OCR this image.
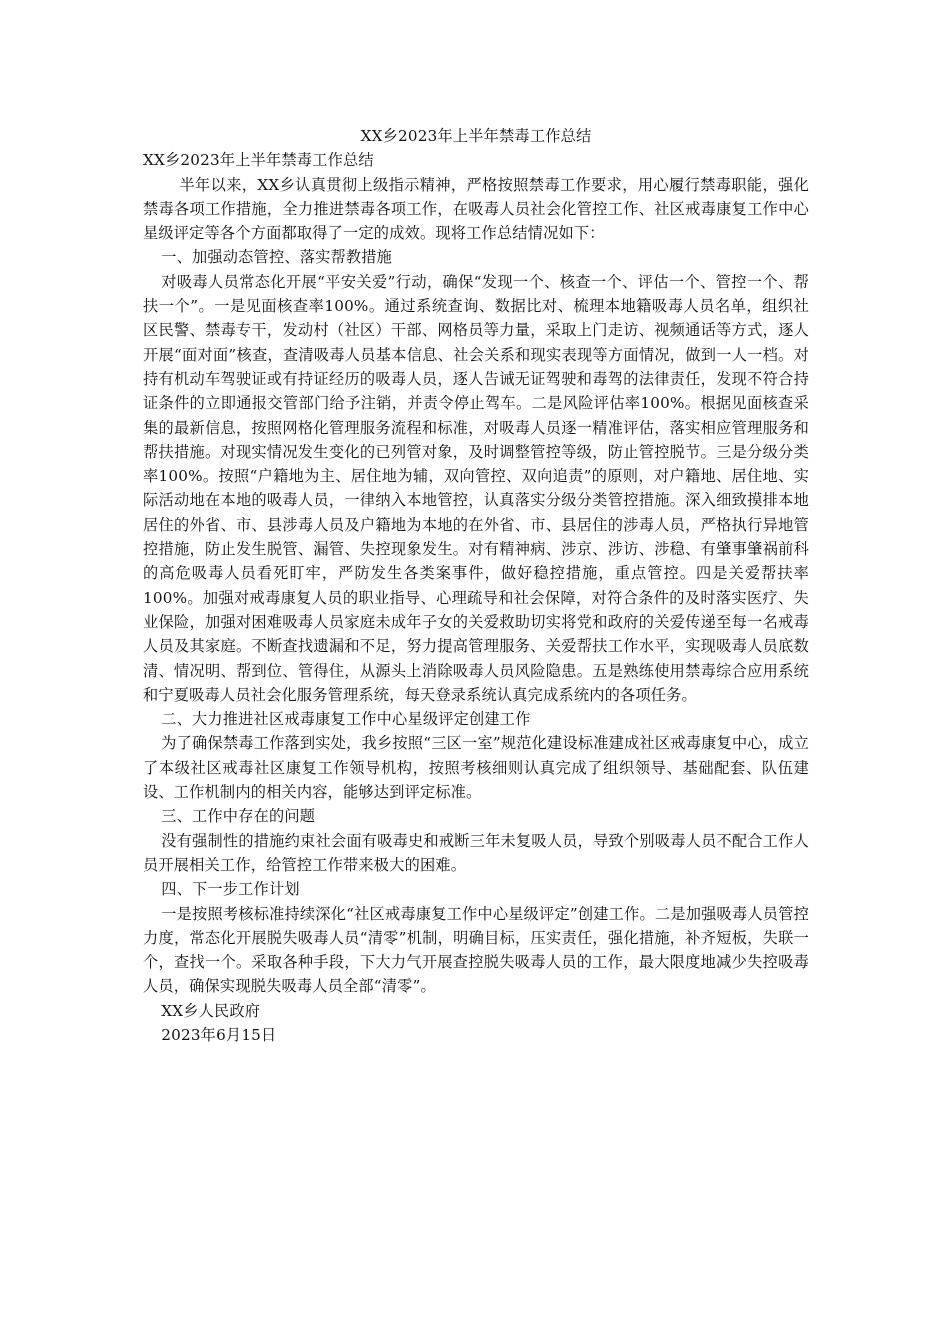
XX乡2023年上半年禁毒工作总结

XX乡2023年上半年禁毒工作总结

半年以来，XX乡认真贯彻上级指示精神，严格按照禁毒工作要求，用心履行禁毒职能，强化禁毒各项工作措施，全力推进禁毒各项工作，在吸毒人员社会化管控工作、社区戒毒康复工作中心星级评定等各个方面都取得了一定的成效。现将工作总结情况如下：

一、加强动态管控、落实帮教措施

对吸毒人员常态化开展“平安关爱”行动，确保“发现一个、核查一个、评估一个、管控一个、帮扶一个”。一是见面核查率100%。通过系统查询、数据比对、梳理本地籍吸毒人员名单，组织社区民警、禁毒专干，发动村（社区）干部、网格员等力量，采取上门走访、视频通话等方式，逐人开展“面对面”核查，查清吸毒人员基本信息、社会关系和现实表现等方面情况，做到一人一档。对持有机动车驾驶证或有持证经历的吸毒人员，逐人告诫无证驾驶和毒驾的法律责任，发现不符合持证条件的立即通报交管部门给予注销，并责令停止驾车。二是风险评估率100%。根据见面核查采集的最新信息，按照网格化管理服务流程和标准，对吸毒人员逐一精准评估，落实相应管理服务和帮扶措施。对现实情况发生变化的已列管对象，及时调整管控等级，防止管控脱节。三是分级分类率100%。按照“户籍地为主、居住地为辅，双向管控、双向追责”的原则，对户籍地、居住地、实际活动地在本地的吸毒人员，一律纳入本地管控，认真落实分级分类管控措施。深入细致摸排本地居住的外省、市、县涉毒人员及户籍地为本地的在外省、市、县居住的涉毒人员，严格执行异地管控措施，防止发生脱管、漏管、失控现象发生。对有精神病、涉京、涉访、涉稳、有肇事肇祸前科的高危吸毒人员看死盯牢，严防发生各类案事件，做好稳控措施，重点管控。四是关爱帮扶率100%。加强对戒毒康复人员的职业指导、心理疏导和社会保障，对符合条件的及时落实医疗、失业保险，加强对困难吸毒人员家庭未成年子女的关爱救助切实将党和政府的关爱传递至每一名戒毒人员及其家庭。不断查找遗漏和不足，努力提高管理服务、关爱帮扶工作水平，实现吸毒人员底数清、情况明、帮到位、管得住，从源头上消除吸毒人员风险隐患。五是熟练使用禁毒综合应用系统和宁夏吸毒人员社会化服务管理系统，每天登录系统认真完成系统内的各项任务。

二、大力推进社区戒毒康复工作中心星级评定创建工作

为了确保禁毒工作落到实处，我乡按照“三区一室”规范化建设标准建成社区戒毒康复中心，成立了本级社区戒毒社区康复工作领导机构，按照考核细则认真完成了组织领导、基础配套、队伍建设、工作机制内的相关内容，能够达到评定标准。

三、工作中存在的问题

没有强制性的措施约束社会面有吸毒史和戒断三年未复吸人员，导致个别吸毒人员不配合工作人员开展相关工作，给管控工作带来极大的困难。

四、下一步工作计划

一是按照考核标准持续深化“社区戒毒康复工作中心星级评定”创建工作。二是加强吸毒人员管控力度，常态化开展脱失吸毒人员“清零”机制，明确目标，压实责任，强化措施，补齐短板，失联一个，查找一个。采取各种手段，下大力气开展查控脱失吸毒人员的工作，最大限度地减少失控吸毒人员，确保实现脱失吸毒人员全部“清零”。

XX乡人民政府

2023年6月15日
